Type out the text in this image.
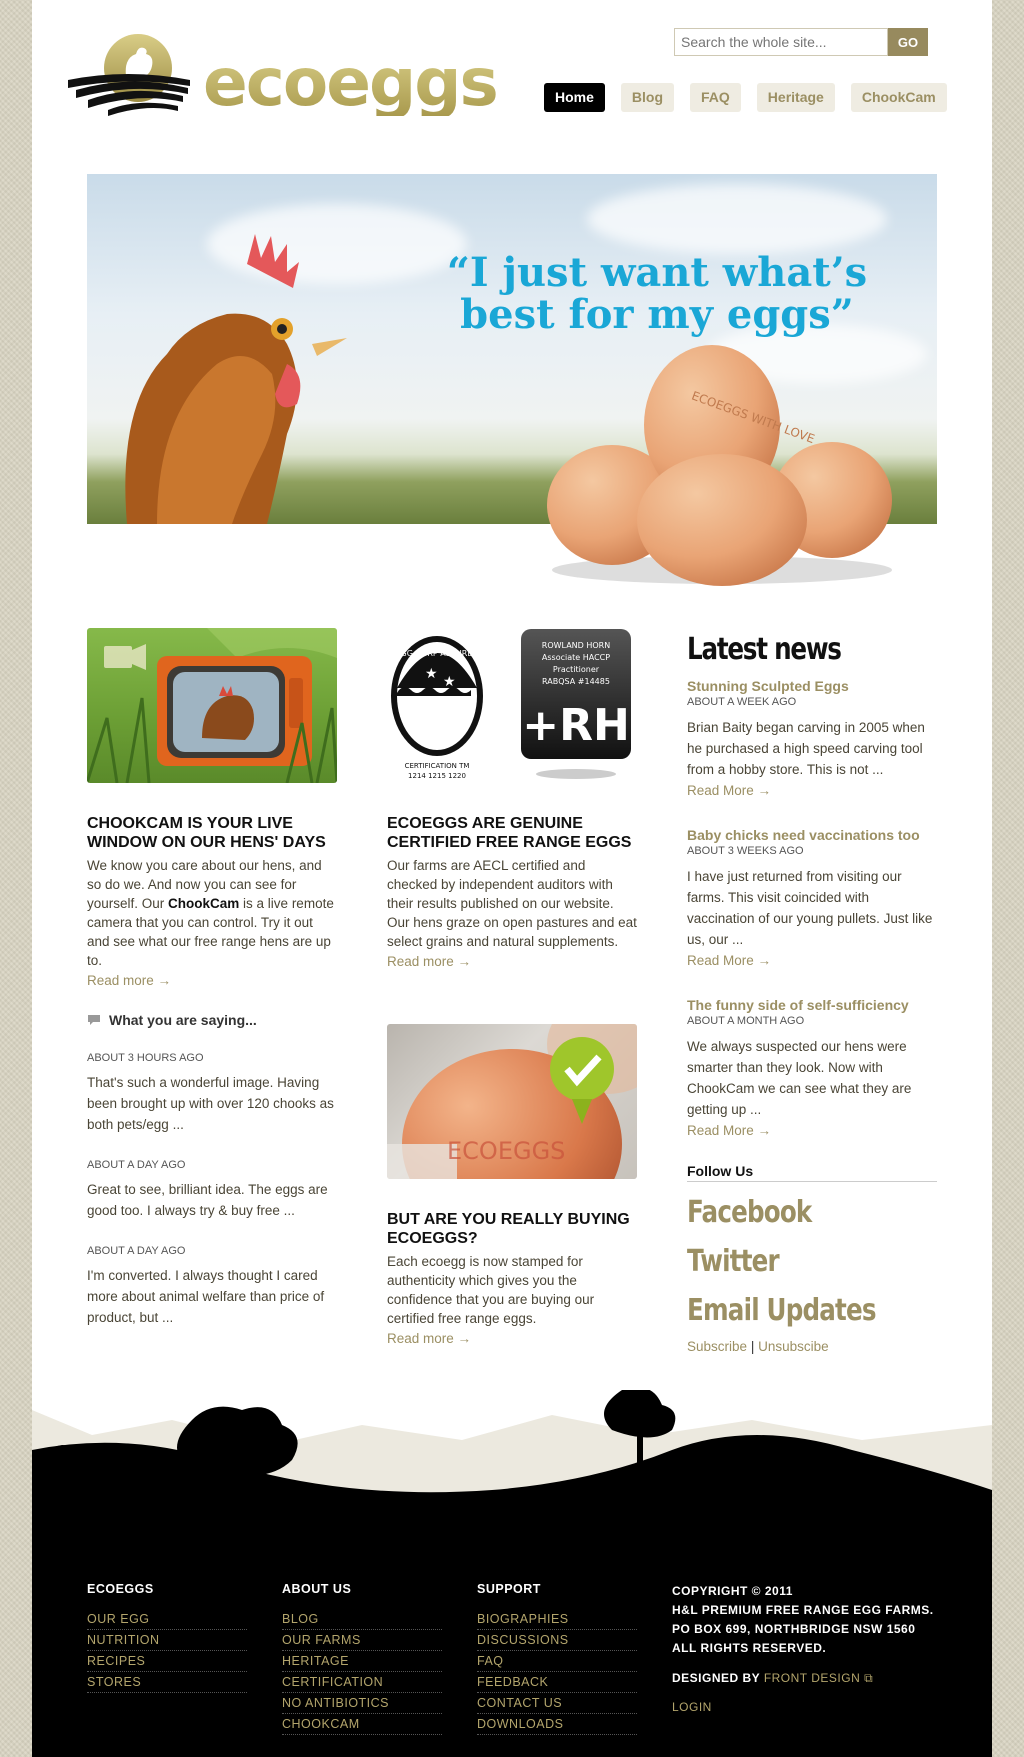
ecoeggs
Search the whole site...
GO
Home	Blog	FAQ	Heritage	ChookCam
“I just want what’s
best for my eggs”
ECOEGGS WITH LOVE
CHOOKCAM IS YOUR LIVE WINDOW ON OUR HENS' DAYS

We know you care about our hens, and so do we. And now you can see for yourself. Our ChookCam is a live remote camera that you can control. Try it out and see what our free range hens are up to.

Read more →
What you are saying...
ABOUT 3 HOURS AGO
That's such a wonderful image. Having been brought up with over 120 chooks as both pets/egg ...
ABOUT A DAY AGO
Great to see, brilliant idea. The eggs are good too. I always try & buy free ...
ABOUT A DAY AGO
I'm converted. I always thought I cared more about animal welfare than price of product, but ...
EGG CORP ASSURED
★ ★
CERTIFICATION TM
1214 1215 1220
ROWLAND HORN
Associate HACCP
Practitioner
RABQSA #14485
+RH
ECOEGGS ARE GENUINE CERTIFIED FREE RANGE EGGS

Our farms are AECL certified and checked by independent auditors with their results published on our website. Our hens graze on open pastures and eat select grains and natural supplements.

Read more →
ECOEGGS
BUT ARE YOU REALLY BUYING ECOEGGS?

Each ecoegg is now stamped for authenticity which gives you the confidence that you are buying our certified free range eggs.

Read more →
Latest news
Stunning Sculpted Eggs
ABOUT A WEEK AGO

Brian Baity began carving in 2005 when he purchased a high speed carving tool from a hobby store. This is not ...

Read More →
Baby chicks need vaccinations too
ABOUT 3 WEEKS AGO

I have just returned from visiting our farms. This visit coincided with vaccination of our young pullets. Just like us, our ...

Read More →
The funny side of self-sufficiency
ABOUT A MONTH AGO

We always suspected our hens were smarter than they look. Now with ChookCam we can see what they are getting up ...

Read More →
Follow Us
Facebook
Twitter
Email Updates
Subscribe | Unsubscibe
ECOEGGS
OUR EGG
NUTRITION
RECIPES
STORES
ABOUT US
BLOG
OUR FARMS
HERITAGE
CERTIFICATION
NO ANTIBIOTICS
CHOOKCAM
SUPPORT
BIOGRAPHIES
DISCUSSIONS
FAQ
FEEDBACK
CONTACT US
DOWNLOADS
COPYRIGHT © 2011
H&L PREMIUM FREE RANGE EGG FARMS.
PO BOX 699, NORTHBRIDGE NSW 1560
ALL RIGHTS RESERVED.
DESIGNED BY FRONT DESIGN ⧉
LOGIN
